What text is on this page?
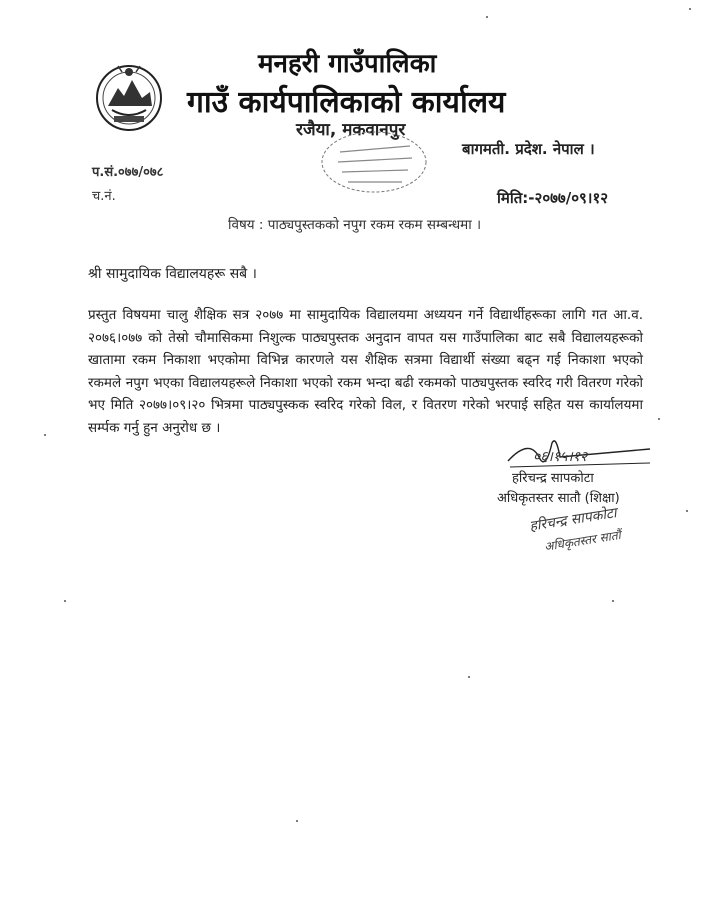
मनहरी गाउँपालिका
गाउँ कार्यपालिकाको कार्यालय
रजैया, मकवानपुर
बागमती. प्रदेश. नेपाल ।
प.सं.०७७/०७८
च.नं.	मिति:-२०७७/०९।१२
विषय : पाठ्यपुस्तकको नपुग रकम रकम सम्बन्धमा ।
श्री सामुदायिक विद्यालयहरू सबै ।
प्रस्तुत विषयमा चालु शैक्षिक सत्र २०७७ मा सामुदायिक विद्यालयमा अध्ययन गर्ने विद्यार्थीहरूका लागि गत आ.व. २०७६।०७७ को तेस्रो चौमासिकमा निशुल्क पाठ्यपुस्तक अनुदान वापत यस गाउँपालिका बाट सबै विद्यालयहरूको खातामा रकम निकाशा भएकोमा विभिन्न कारणले यस शैक्षिक सत्रमा विद्यार्थी संख्या बढ्न गई निकाशा भएको रकमले नपुग भएका विद्यालयहरूले निकाशा भएको रकम भन्दा बढी रकमको पाठ्यपुस्तक स्वरिद गरी वितरण गरेको भए मिति २०७७।०९।२० भित्रमा पाठ्यपुस्कक स्वरिद गरेको विल, र वितरण गरेको भरपाई सहित यस कार्यालयमा सर्म्पक गर्नु हुन अनुरोध छ ।
०६।१५।१२
हरिचन्द्र सापकोटा
अधिकृतस्तर सातौ (शिक्षा)
हरिचन्द्र सापकोटा
अधिकृतस्तर सातौं
